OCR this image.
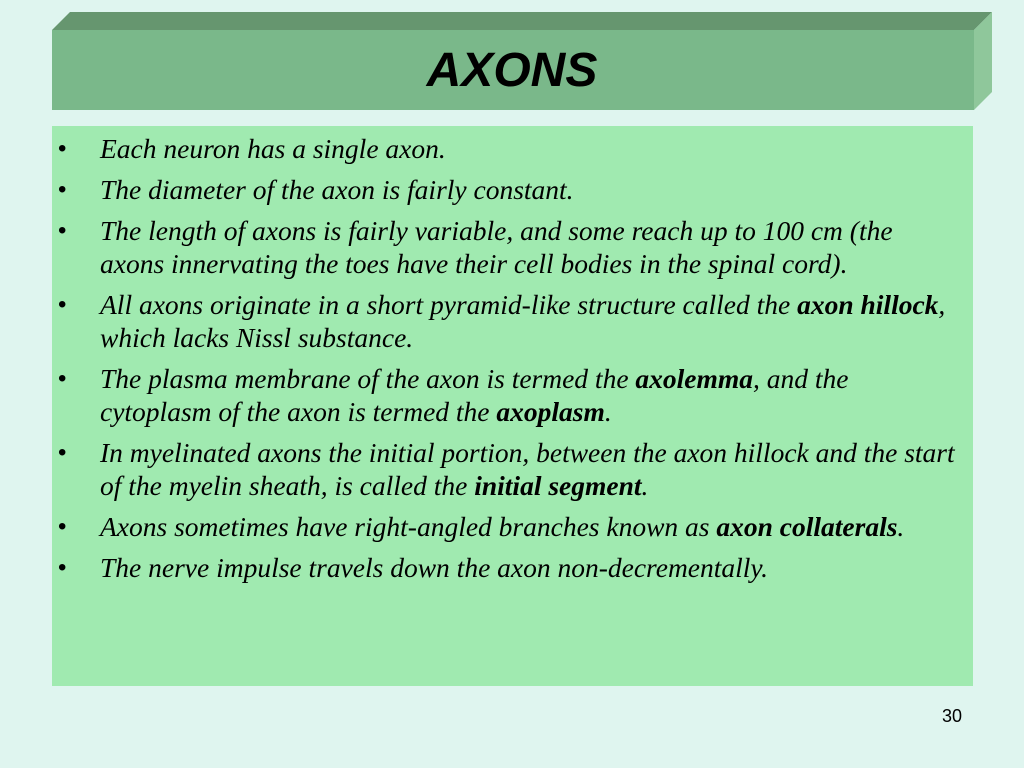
AXONS
• Each neuron has a single axon.
• The diameter of the axon is fairly constant.
• The length of axons is fairly variable, and some reach up to 100 cm (the axons innervating the toes have their cell bodies in the spinal cord).
• All axons originate in a short pyramid-like structure called the axon hillock, which lacks Nissl substance.
• The plasma membrane of the axon is termed the axolemma, and the cytoplasm of the axon is termed the axoplasm.
• In myelinated axons the initial portion, between the axon hillock and the start of the myelin sheath, is called the initial segment.
• Axons sometimes have right-angled branches known as axon collaterals.
• The nerve impulse travels down the axon non-decrementally.
30
